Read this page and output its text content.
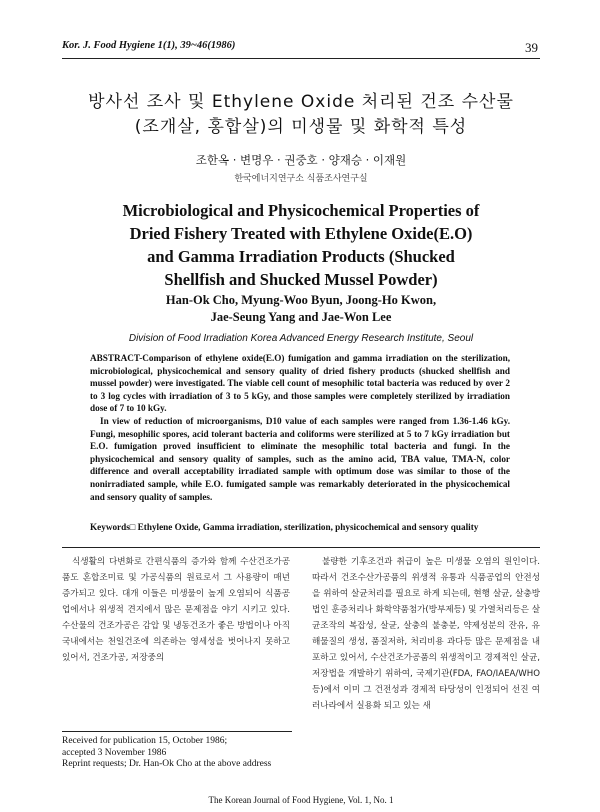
Kor. J. Food Hygiene 1(1), 39~46(1986)	39
방사선 조사 및 Ethylene Oxide 처리된 건조 수산물
(조개살, 홍합살)의 미생물 및 화학적 특성
조한옥 · 변명우 · 권중호 · 양재승 · 이재원
한국에너지연구소 식품조사연구실
Microbiological and Physicochemical Properties of
Dried Fishery Treated with Ethylene Oxide(E.O)
and Gamma Irradiation Products (Shucked
Shellfish and Shucked Mussel Powder)
Han-Ok Cho, Myung-Woo Byun, Joong-Ho Kwon,
Jae-Seung Yang and Jae-Won Lee
Division of Food Irradiation Korea Advanced Energy Research Institute, Seoul

ABSTRACT-Comparison of ethylene oxide(E.O) fumigation and gamma irradiation on the sterilization, microbiological, physicochemical and sensory quality of dried fishery products (shucked shellfish and mussel powder) were investigated. The viable cell count of mesophilic total bacteria was reduced by over 2 to 3 log cycles with irradiation of 3 to 5 kGy, and those samples were completely sterilized by irradiation dose of 7 to 10 kGy.

In view of reduction of microorganisms, D10 value of each samples were ranged from 1.36-1.46 kGy. Fungi, mesophilic spores, acid tolerant bacteria and coliforms were sterilized at 5 to 7 kGy irradiation but E.O. fumigation proved insufficient to eliminate the mesophilic total bacteria and fungi. In the physicochemical and sensory quality of samples, such as the amino acid, TBA value, TMA-N, color difference and overall acceptability irradiated sample with optimum dose was similar to those of the nonirradiated sample, while E.O. fumigated sample was remarkably deteriorated in the physicochemical and sensory quality of samples.

Keywords□ Ethylene Oxide, Gamma irradiation, sterilization, physicochemical and sensory quality

식생활의 다변화로 간편식품의 증가와 함께 수산건조가공품도 혼합조미료 및 가공식품의 원료로서 그 사용량이 매년 증가되고 있다. 대개 이들은 미생물이 높게 오염되어 식품공업에서나 위생적 견지에서 많은 문제점을 야기 시키고 있다. 수산물의 건조가공은 감압 및 냉동건조가 좋은 방법이나 아직 국내에서는 천일건조에 의존하는 영세성을 벗어나지 못하고 있어서, 건조가공, 저장중의

불량한 기후조건과 취급이 높은 미생물 오염의 원인이다. 따라서 건조수산가공품의 위생적 유통과 식품공업의 안전성을 위하여 살균처리를 필요로 하게 되는데, 현행 살균, 살충방법인 훈증처리나 화학약품첨가(방부제등) 및 가열처리등은 살균조작의 복잡성, 살균, 살충의 불충분, 약제성분의 잔유, 유해물질의 생성, 품질저하, 처리비용 과다등 많은 문제점을 내포하고 있어서, 수산건조가공품의 위생적이고 경제적인 살균, 저장법을 개발하기 위하여, 국제기관(FDA, FAO/IAEA/WHO 등)에서 이미 그 건전성과 경제적 타당성이 인정되어 선진 여러나라에서 실용화 되고 있는 새

Received for publication 15, October 1986;
accepted 3 November 1986
Reprint requests; Dr. Han-Ok Cho at the above address
The Korean Journal of Food Hygiene, Vol. 1, No. 1
